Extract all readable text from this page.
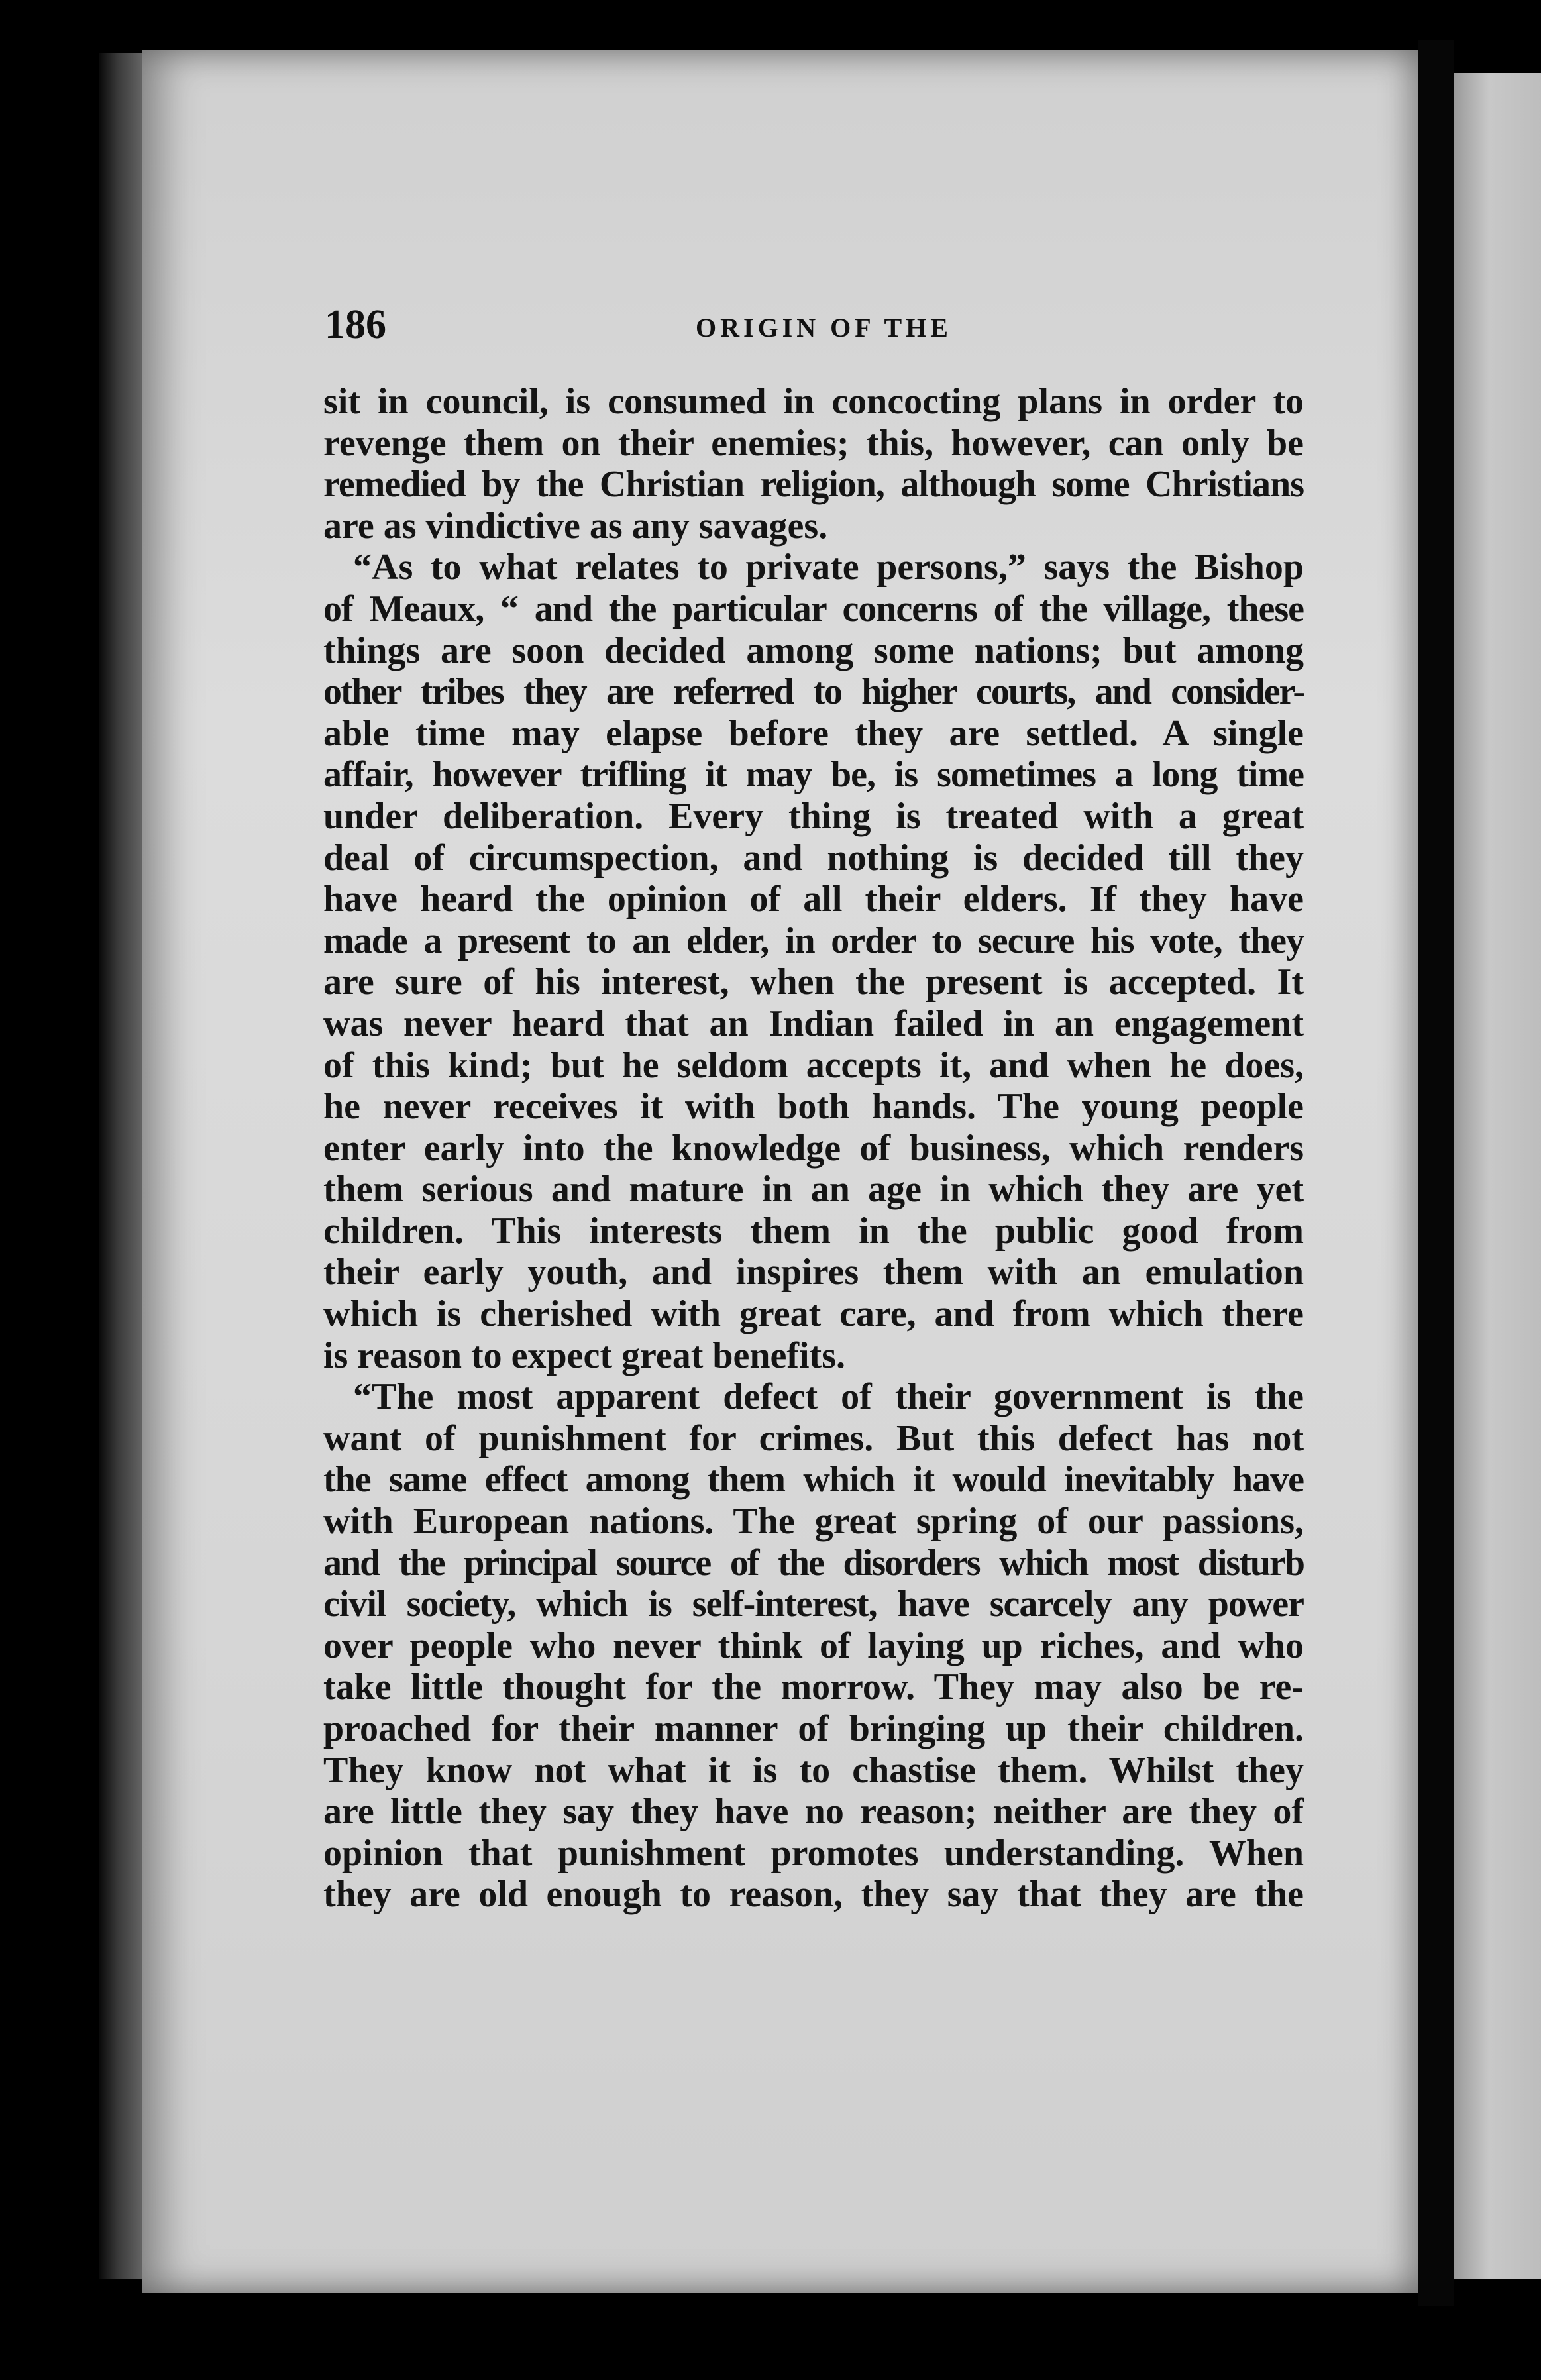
186	ORIGIN OF THE
sit in council, is consumed in concocting plans in order to
revenge them on their enemies; this, however, can only be
remedied by the Christian religion, although some Christians
are as vindictive as any savages.
“As to what relates to private persons,” says the Bishop
of Meaux, “ and the particular concerns of the village, these
things are soon decided among some nations; but among
other tribes they are referred to higher courts, and consider-
able time may elapse before they are settled. A single
affair, however trifling it may be, is sometimes a long time
under deliberation. Every thing is treated with a great
deal of circumspection, and nothing is decided till they
have heard the opinion of all their elders. If they have
made a present to an elder, in order to secure his vote, they
are sure of his interest, when the present is accepted. It
was never heard that an Indian failed in an engagement
of this kind; but he seldom accepts it, and when he does,
he never receives it with both hands. The young people
enter early into the knowledge of business, which renders
them serious and mature in an age in which they are yet
children. This interests them in the public good from
their early youth, and inspires them with an emulation
which is cherished with great care, and from which there
is reason to expect great benefits.
“The most apparent defect of their government is the
want of punishment for crimes. But this defect has not
the same effect among them which it would inevitably have
with European nations. The great spring of our passions,
and the principal source of the disorders which most disturb
civil society, which is self-interest, have scarcely any power
over people who never think of laying up riches, and who
take little thought for the morrow. They may also be re-
proached for their manner of bringing up their children.
They know not what it is to chastise them. Whilst they
are little they say they have no reason; neither are they of
opinion that punishment promotes understanding. When
they are old enough to reason, they say that they are the
